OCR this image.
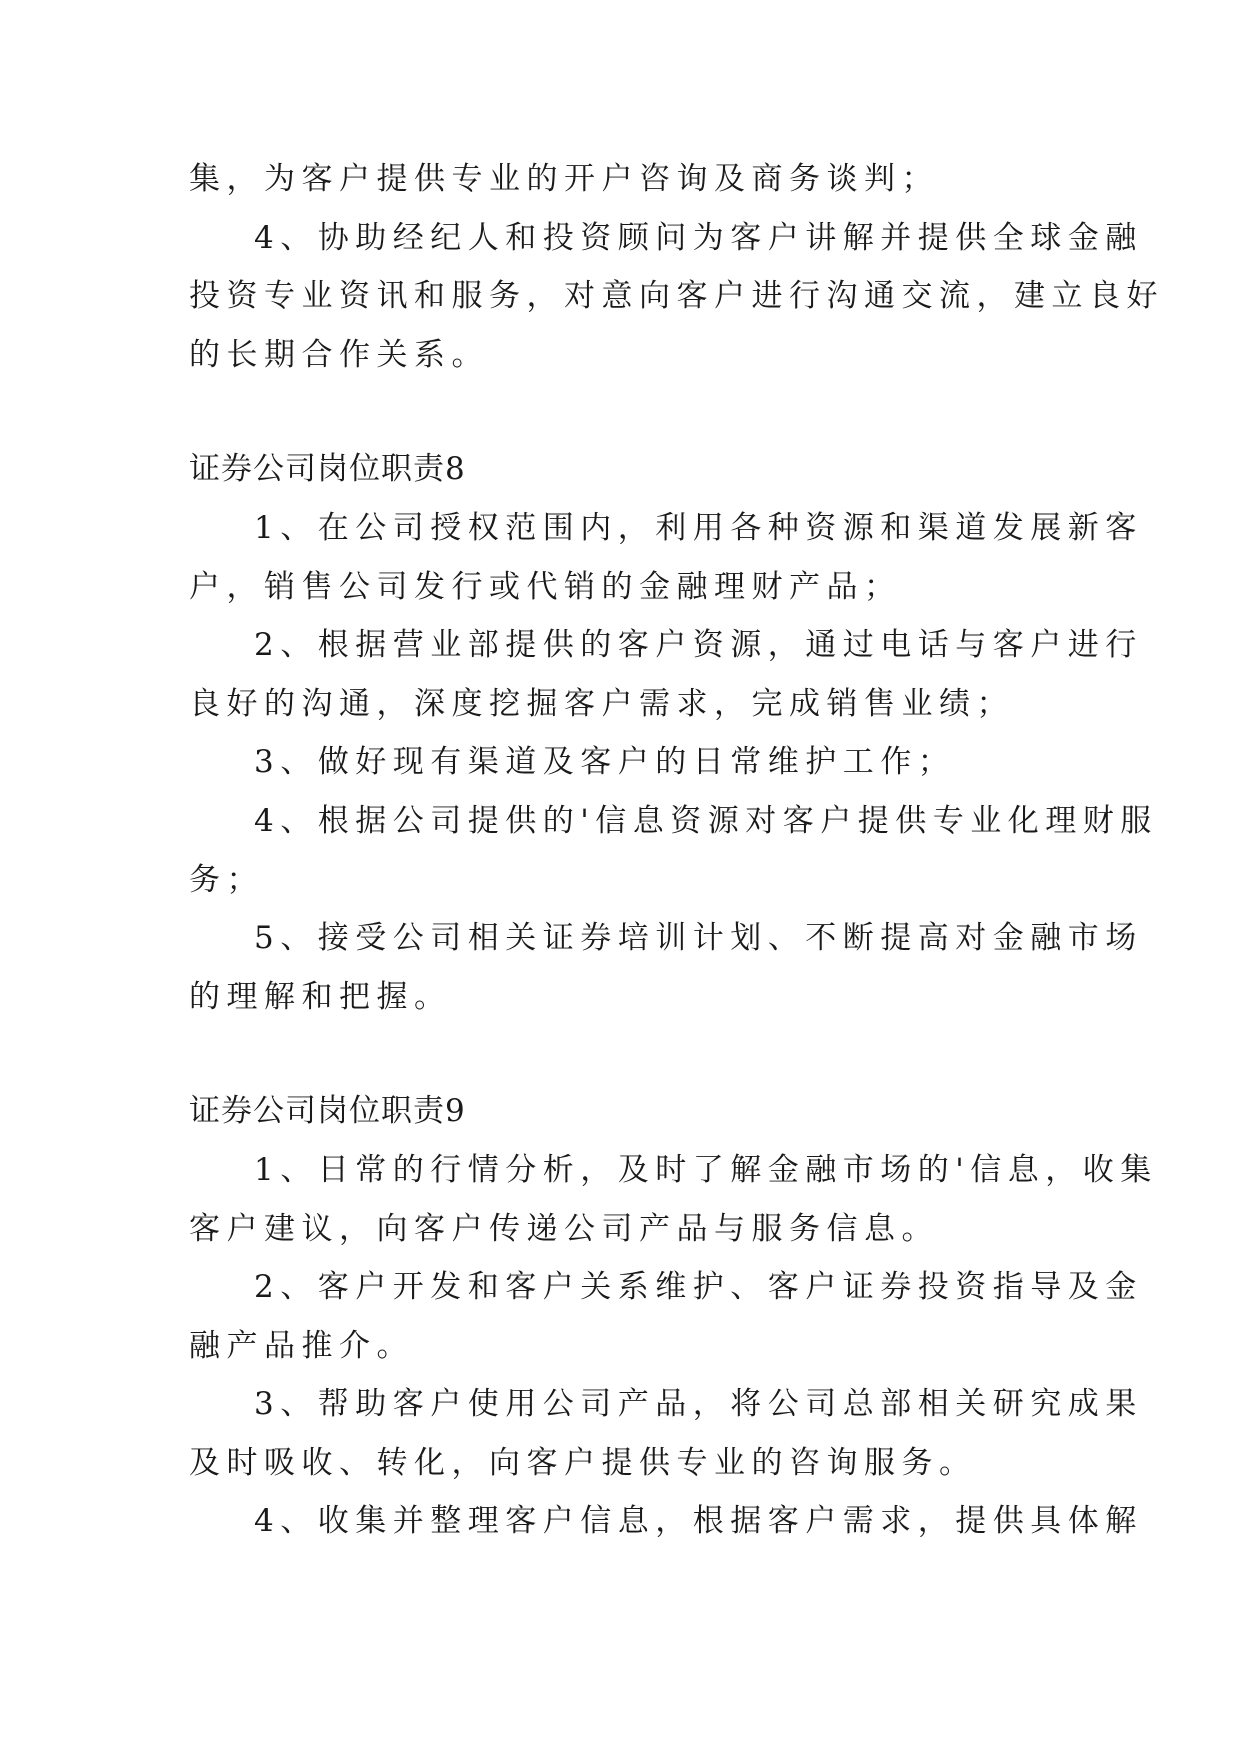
集，为客户提供专业的开户咨询及商务谈判；
4、协助经纪人和投资顾问为客户讲解并提供全球金融
投资专业资讯和服务，对意向客户进行沟通交流，建立良好
的长期合作关系。
证券公司岗位职责8
1、在公司授权范围内，利用各种资源和渠道发展新客
户，销售公司发行或代销的金融理财产品；
2、根据营业部提供的客户资源，通过电话与客户进行
良好的沟通，深度挖掘客户需求，完成销售业绩；
3、做好现有渠道及客户的日常维护工作；
4、根据公司提供的'信息资源对客户提供专业化理财服
务；
5、接受公司相关证券培训计划、不断提高对金融市场
的理解和把握。
证券公司岗位职责9
1、日常的行情分析，及时了解金融市场的'信息，收集
客户建议，向客户传递公司产品与服务信息。
2、客户开发和客户关系维护、客户证券投资指导及金
融产品推介。
3、帮助客户使用公司产品，将公司总部相关研究成果
及时吸收、转化，向客户提供专业的咨询服务。
4、收集并整理客户信息，根据客户需求，提供具体解
